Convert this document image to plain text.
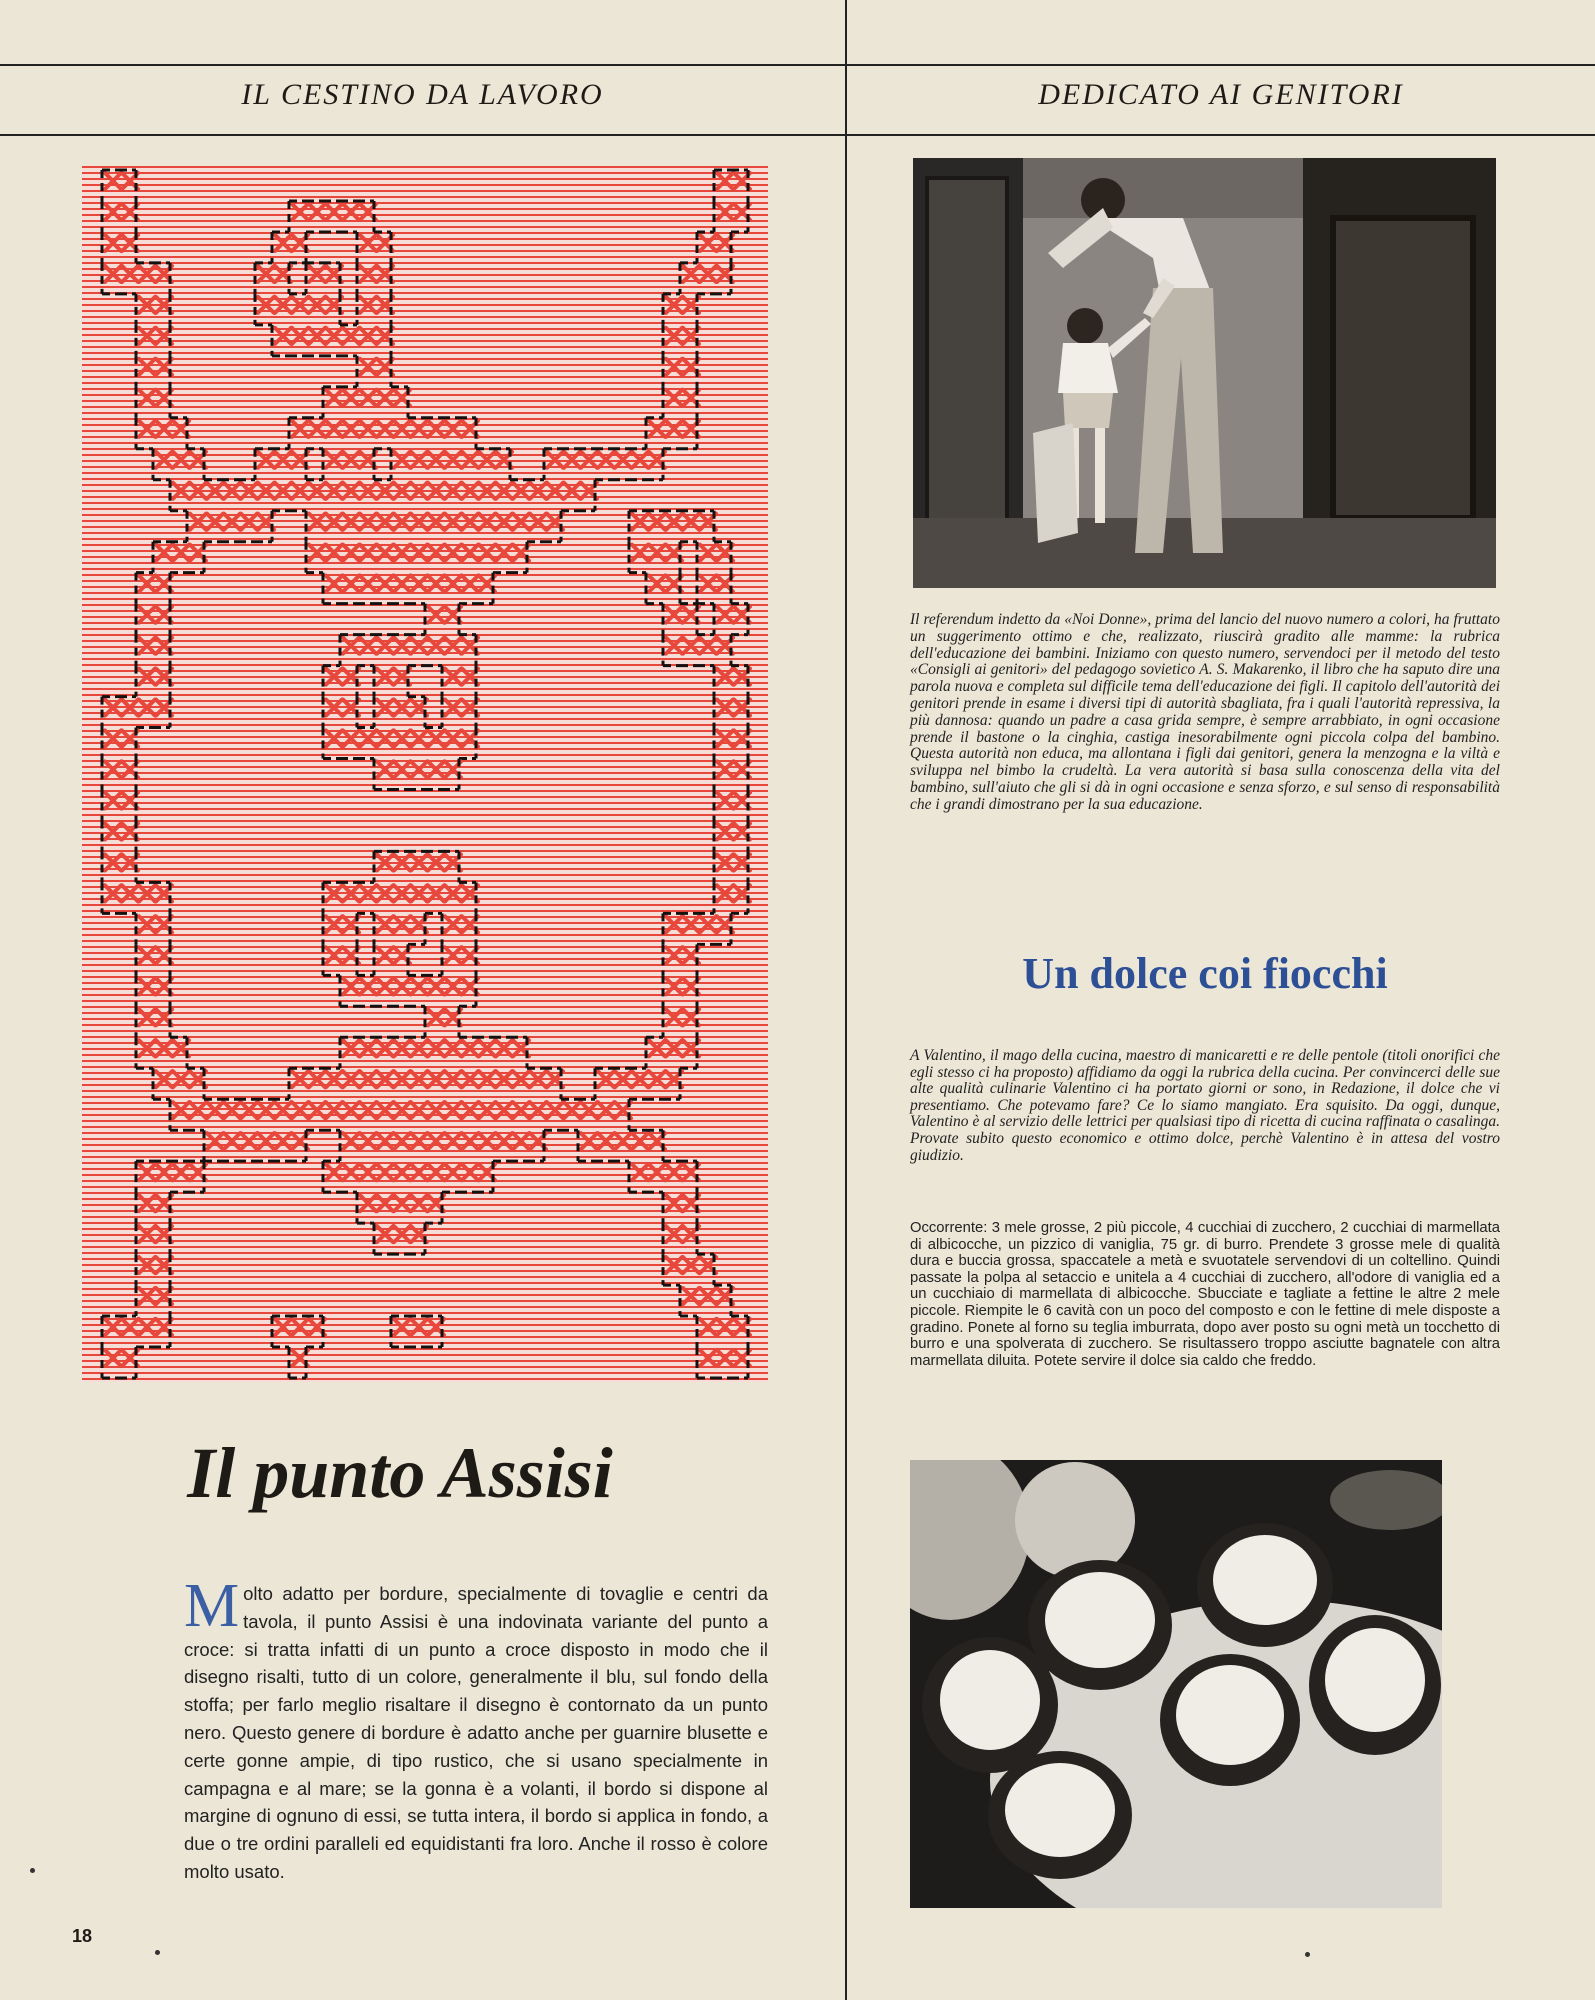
IL CESTINO DA LAVORO	DEDICATO AI GENITORI
Il punto Assisi
Molto adatto per bordure, specialmente di tovaglie e centri da tavola, il punto Assisi è una indovinata variante del punto a croce: si tratta infatti di un punto a croce disposto in modo che il disegno risalti, tutto di un colore, generalmente il blu, sul fondo della stoffa; per farlo meglio risaltare il disegno è contornato da un punto nero. Questo genere di bordure è adatto anche per guarnire blusette e certe gonne ampie, di tipo rustico, che si usano specialmente in campagna e al mare; se la gonna è a volanti, il bordo si dispone al margine di ognuno di essi, se tutta intera, il bordo si applica in fondo, a due o tre ordini paralleli ed equidistanti fra loro. Anche il rosso è colore molto usato.
18
Il referendum indetto da «Noi Donne», prima del lancio del nuovo numero a colori, ha fruttato un suggerimento ottimo e che, realizzato, riuscirà gradito alle mamme: la rubrica dell'educazione dei bambini. Iniziamo con questo numero, servendoci per il metodo del testo «Consigli ai genitori» del pedagogo sovietico A. S. Makarenko, il libro che ha saputo dire una parola nuova e completa sul difficile tema dell'educazione dei figli. Il capitolo dell'autorità dei genitori prende in esame i diversi tipi di autorità sbagliata, fra i quali l'autorità repressiva, la più dannosa: quando un padre a casa grida sempre, è sempre arrabbiato, in ogni occasione prende il bastone o la cinghia, castiga inesorabilmente ogni piccola colpa del bambino. Questa autorità non educa, ma allontana i figli dai genitori, genera la menzogna e la viltà e sviluppa nel bimbo la crudeltà. La vera autorità si basa sulla conoscenza della vita del bambino, sull'aiuto che gli si dà in ogni occasione e senza sforzo, e sul senso di responsabilità che i grandi dimostrano per la sua educazione.
Un dolce coi fiocchi
A Valentino, il mago della cucina, maestro di manicaretti e re delle pentole (titoli onorifici che egli stesso ci ha proposto) affidiamo da oggi la rubrica della cucina. Per convincerci delle sue alte qualità culinarie Valentino ci ha portato giorni or sono, in Redazione, il dolce che vi presentiamo. Che potevamo fare? Ce lo siamo mangiato. Era squisito. Da oggi, dunque, Valentino è al servizio delle lettrici per qualsiasi tipo di ricetta di cucina raffinata o casalinga. Provate subito questo economico e ottimo dolce, perchè Valentino è in attesa del vostro giudizio.
Occorrente: 3 mele grosse, 2 più piccole, 4 cucchiai di zucchero, 2 cucchiai di marmellata di albicocche, un pizzico di vaniglia, 75 gr. di burro. Prendete 3 grosse mele di qualità dura e buccia grossa, spaccatele a metà e svuotatele servendovi di un coltellino. Quindi passate la polpa al setaccio e unitela a 4 cucchiai di zucchero, all'odore di vaniglia ed a un cucchiaio di marmellata di albicocche. Sbucciate e tagliate a fettine le altre 2 mele piccole. Riempite le 6 cavità con un poco del composto e con le fettine di mele disposte a gradino. Ponete al forno su teglia imburrata, dopo aver posto su ogni metà un tocchetto di burro e una spolverata di zucchero. Se risultassero troppo asciutte bagnatele con altra marmellata diluita. Potete servire il dolce sia caldo che freddo.
